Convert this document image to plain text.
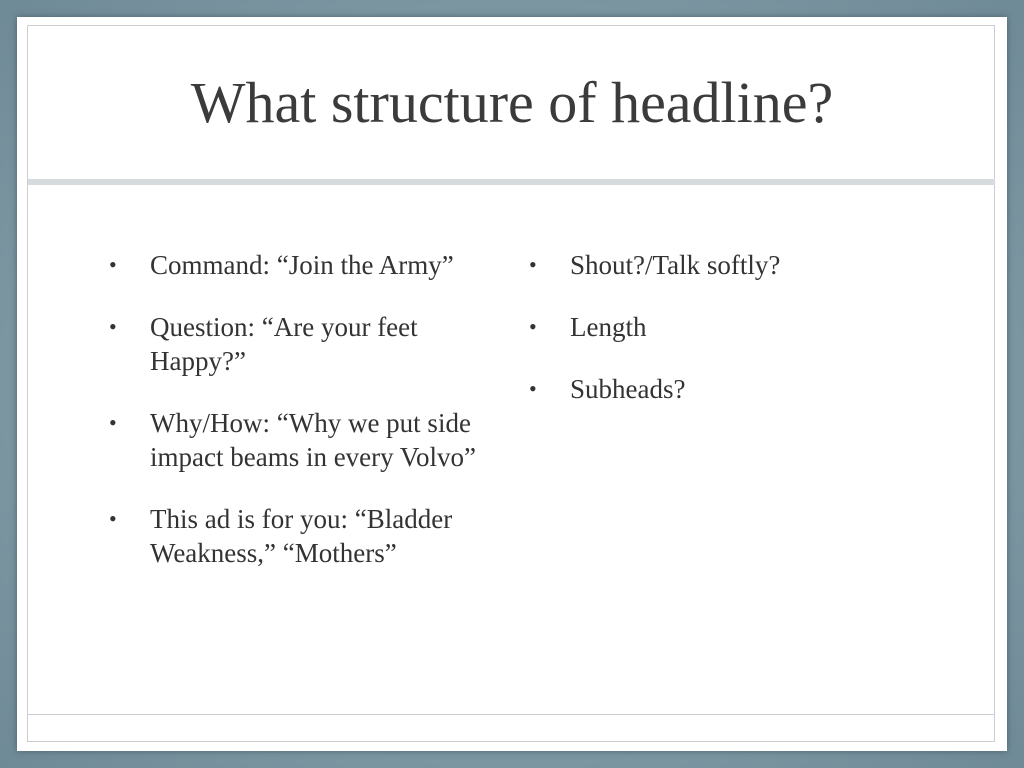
What structure of headline?
• Command: “Join the Army”
• Question: “Are your feet Happy?”
• Why/How: “Why we put side impact beams in every Volvo”
• This ad is for you: “Bladder Weakness,” “Mothers”
• Shout?/Talk softly?
• Length
• Subheads?
